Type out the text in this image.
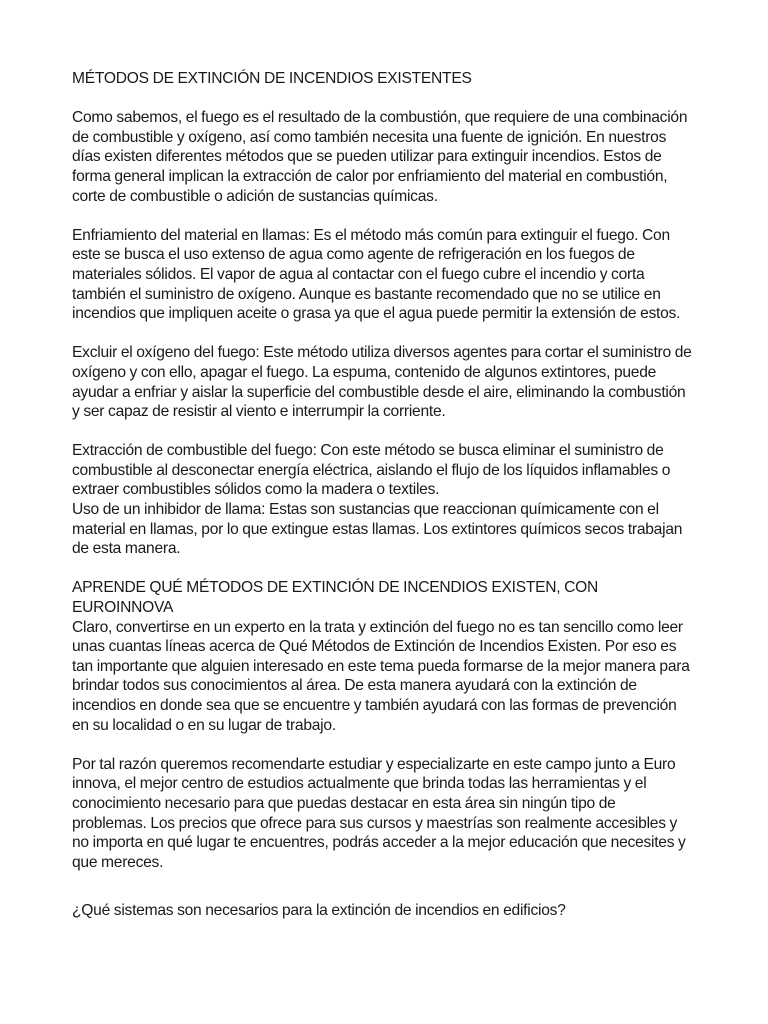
MÉTODOS DE EXTINCIÓN DE INCENDIOS EXISTENTES

Como sabemos, el fuego es el resultado de la combustión, que requiere de una combinación
de combustible y oxígeno, así como también necesita una fuente de ignición. En nuestros
días existen diferentes métodos que se pueden utilizar para extinguir incendios. Estos de
forma general implican la extracción de calor por enfriamiento del material en combustión,
corte de combustible o adición de sustancias químicas.

Enfriamiento del material en llamas: Es el método más común para extinguir el fuego. Con
este se busca el uso extenso de agua como agente de refrigeración en los fuegos de
materiales sólidos. El vapor de agua al contactar con el fuego cubre el incendio y corta
también el suministro de oxígeno. Aunque es bastante recomendado que no se utilice en
incendios que impliquen aceite o grasa ya que el agua puede permitir la extensión de estos.

Excluir el oxígeno del fuego: Este método utiliza diversos agentes para cortar el suministro de
oxígeno y con ello, apagar el fuego. La espuma, contenido de algunos extintores, puede
ayudar a enfriar y aislar la superficie del combustible desde el aire, eliminando la combustión
y ser capaz de resistir al viento e interrumpir la corriente.

Extracción de combustible del fuego: Con este método se busca eliminar el suministro de
combustible al desconectar energía eléctrica, aislando el flujo de los líquidos inflamables o
extraer combustibles sólidos como la madera o textiles.
Uso de un inhibidor de llama: Estas son sustancias que reaccionan químicamente con el
material en llamas, por lo que extingue estas llamas. Los extintores químicos secos trabajan
de esta manera.

APRENDE QUÉ MÉTODOS DE EXTINCIÓN DE INCENDIOS EXISTEN, CON
EUROINNOVA

Claro, convertirse en un experto en la trata y extinción del fuego no es tan sencillo como leer
unas cuantas líneas acerca de Qué Métodos de Extinción de Incendios Existen. Por eso es
tan importante que alguien interesado en este tema pueda formarse de la mejor manera para
brindar todos sus conocimientos al área. De esta manera ayudará con la extinción de
incendios en donde sea que se encuentre y también ayudará con las formas de prevención
en su localidad o en su lugar de trabajo.

Por tal razón queremos recomendarte estudiar y especializarte en este campo junto a Euro
innova, el mejor centro de estudios actualmente que brinda todas las herramientas y el
conocimiento necesario para que puedas destacar en esta área sin ningún tipo de
problemas. Los precios que ofrece para sus cursos y maestrías son realmente accesibles y
no importa en qué lugar te encuentres, podrás acceder a la mejor educación que necesites y
que mereces.

¿Qué sistemas son necesarios para la extinción de incendios en edificios?
